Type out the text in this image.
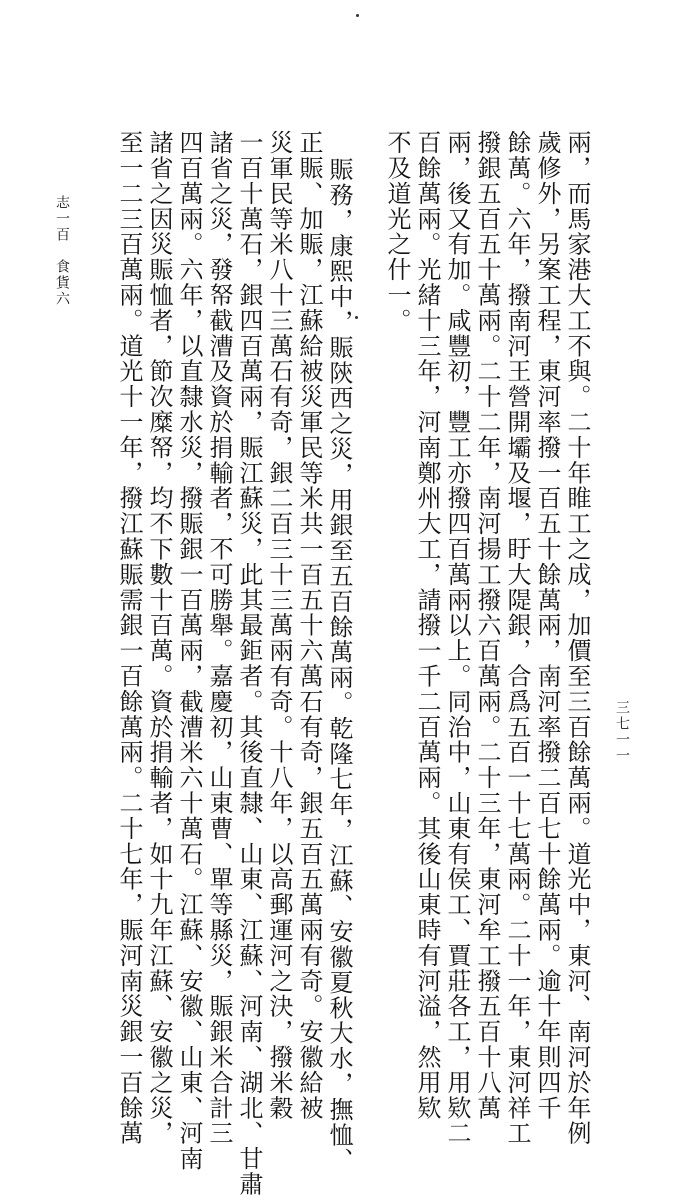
兩，而馬家港大工不與。二十年睢工之成，加價至三百餘萬兩。道光中，東河、南河於年例
歲修外，另案工程，東河率撥一百五十餘萬兩，南河率撥二百七十餘萬兩。逾十年則四千
餘萬。六年，撥南河王營開壩及堰，盱大隄銀，合爲五百一十七萬兩。二十一年，東河祥工
撥銀五百五十萬兩。二十二年，南河揚工撥六百萬兩。二十三年，東河牟工撥五百十八萬
兩，後又有加。咸豐初，豐工亦撥四百萬兩以上。同治中，山東有侯工、賈莊各工，用欵二
百餘萬兩。光緒十三年，河南鄭州大工，請撥一千二百萬兩。其後山東時有河溢，然用欵
不及道光之什一。
賑務，康熙中，賑陝西之災，用銀至五百餘萬兩。乾隆七年，江蘇、安徽夏秋大水，撫恤、
正賑、加賑，江蘇給被災軍民等米共一百五十六萬石有奇，銀五百五萬兩有奇。安徽給被
災軍民等米八十三萬石有奇，銀二百三十三萬兩有奇。十八年，以高郵運河之決，撥米穀
一百十萬石，銀四百萬兩，賑江蘇災，此其最鉅者。其後直隸、山東、江蘇、河南、湖北、甘肅
諸省之災，發帑截漕及資於捐輸者，不可勝舉。嘉慶初，山東曹、單等縣災，賑銀米合計三
四百萬兩。六年，以直隸水災，撥賑銀一百萬兩，截漕米六十萬石。江蘇、安徽、山東、河南
諸省之因災賑恤者，節次糜帑，均不下數十百萬。資於捐輸者，如十九年江蘇、安徽之災，
至一二三百萬兩。道光十一年，撥江蘇賑需銀一百餘萬兩。二十七年，賑河南災銀一百餘萬
志一百　食貨六
三七一一
